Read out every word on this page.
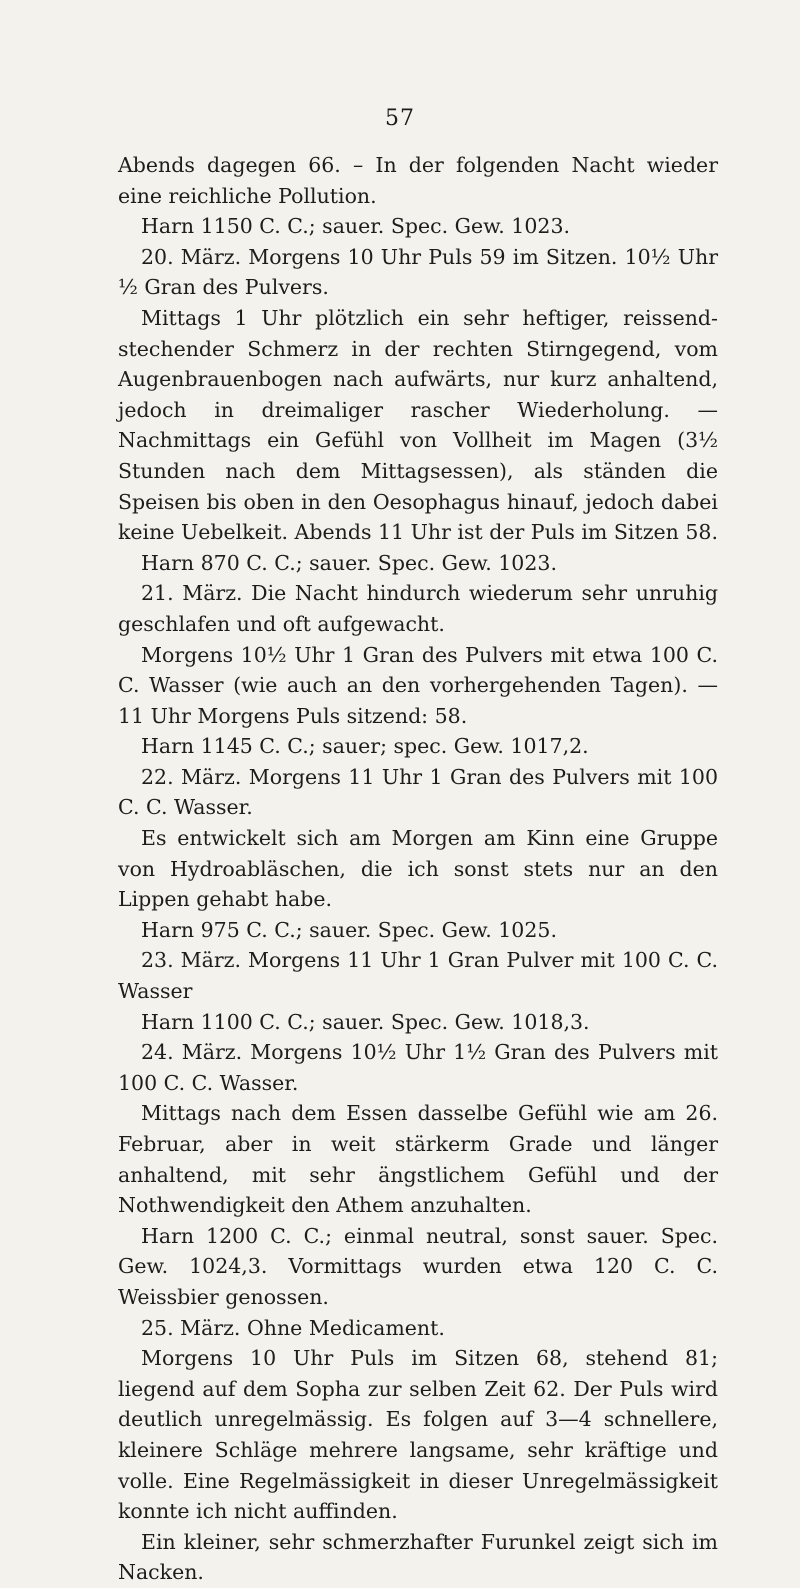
57

Abends dagegen 66. – In der folgenden Nacht wieder eine reichliche Pollution.

Harn 1150 C. C.; sauer. Spec. Gew. 1023.

20. März. Morgens 10 Uhr Puls 59 im Sitzen. 10½ Uhr ½ Gran des Pulvers.

Mittags 1 Uhr plötzlich ein sehr heftiger, reissend-stechender Schmerz in der rechten Stirngegend, vom Augenbrauenbogen nach aufwärts, nur kurz anhaltend, jedoch in dreimaliger rascher Wiederholung. — Nachmittags ein Gefühl von Vollheit im Magen (3½ Stunden nach dem Mittagsessen), als ständen die Speisen bis oben in den Oesophagus hinauf, jedoch dabei keine Uebelkeit. Abends 11 Uhr ist der Puls im Sitzen 58.

Harn 870 C. C.; sauer. Spec. Gew. 1023.

21. März. Die Nacht hindurch wiederum sehr unruhig geschlafen und oft aufgewacht.

Morgens 10½ Uhr 1 Gran des Pulvers mit etwa 100 C. C. Wasser (wie auch an den vorhergehenden Tagen). — 11 Uhr Morgens Puls sitzend: 58.

Harn 1145 C. C.; sauer; spec. Gew. 1017,2.

22. März. Morgens 11 Uhr 1 Gran des Pulvers mit 100 C. C. Wasser.

Es entwickelt sich am Morgen am Kinn eine Gruppe von Hydroabläschen, die ich sonst stets nur an den Lippen gehabt habe.

Harn 975 C. C.; sauer. Spec. Gew. 1025.

23. März. Morgens 11 Uhr 1 Gran Pulver mit 100 C. C. Wasser

Harn 1100 C. C.; sauer. Spec. Gew. 1018,3.

24. März. Morgens 10½ Uhr 1½ Gran des Pulvers mit 100 C. C. Wasser.

Mittags nach dem Essen dasselbe Gefühl wie am 26. Februar, aber in weit stärkerm Grade und länger anhaltend, mit sehr ängstlichem Gefühl und der Nothwendigkeit den Athem anzuhalten.

Harn 1200 C. C.; einmal neutral, sonst sauer. Spec. Gew. 1024,3. Vormittags wurden etwa 120 C. C. Weissbier genossen.

25. März. Ohne Medicament.

Morgens 10 Uhr Puls im Sitzen 68, stehend 81; liegend auf dem Sopha zur selben Zeit 62. Der Puls wird deutlich unregelmässig. Es folgen auf 3—4 schnellere, kleinere Schläge mehrere langsame, sehr kräftige und volle. Eine Regelmässigkeit in dieser Unregelmässigkeit konnte ich nicht auffinden.

Ein kleiner, sehr schmerzhafter Furunkel zeigt sich im Nacken.
